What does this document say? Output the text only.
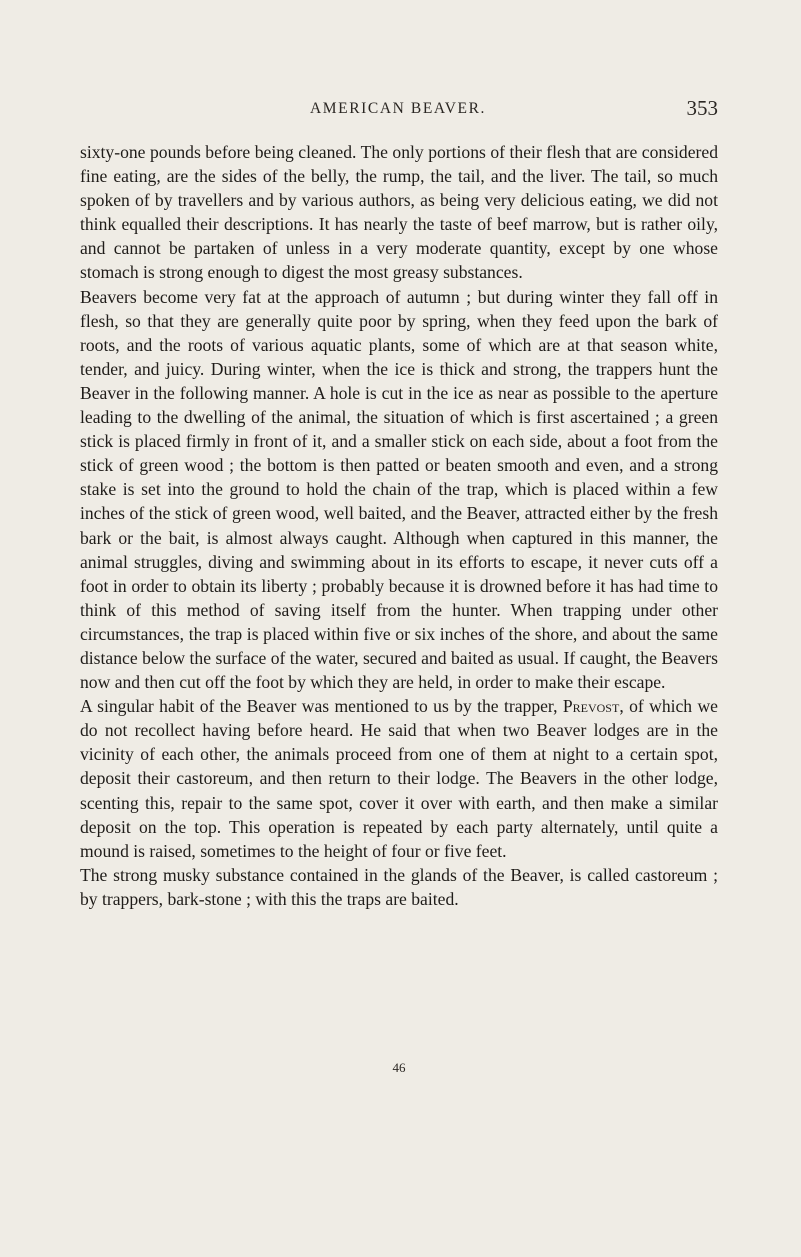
AMERICAN BEAVER.	353

sixty-one pounds before being cleaned. The only portions of their flesh that are considered fine eating, are the sides of the belly, the rump, the tail, and the liver. The tail, so much spoken of by travellers and by various authors, as being very delicious eating, we did not think equalled their descriptions. It has nearly the taste of beef marrow, but is rather oily, and cannot be partaken of unless in a very moderate quantity, except by one whose stomach is strong enough to digest the most greasy substances.

Beavers become very fat at the approach of autumn ; but during winter they fall off in flesh, so that they are generally quite poor by spring, when they feed upon the bark of roots, and the roots of various aquatic plants, some of which are at that season white, tender, and juicy. During winter, when the ice is thick and strong, the trappers hunt the Beaver in the following manner. A hole is cut in the ice as near as possible to the aperture leading to the dwelling of the animal, the situation of which is first ascertained ; a green stick is placed firmly in front of it, and a smaller stick on each side, about a foot from the stick of green wood ; the bottom is then patted or beaten smooth and even, and a strong stake is set into the ground to hold the chain of the trap, which is placed within a few inches of the stick of green wood, well baited, and the Beaver, attracted either by the fresh bark or the bait, is almost always caught. Although when captured in this manner, the animal struggles, diving and swimming about in its efforts to escape, it never cuts off a foot in order to obtain its liberty ; probably because it is drowned before it has had time to think of this method of saving itself from the hunter. When trapping under other circumstances, the trap is placed within five or six inches of the shore, and about the same distance below the surface of the water, secured and baited as usual. If caught, the Beavers now and then cut off the foot by which they are held, in order to make their escape.

A singular habit of the Beaver was mentioned to us by the trapper, Prevost, of which we do not recollect having before heard. He said that when two Beaver lodges are in the vicinity of each other, the animals proceed from one of them at night to a certain spot, deposit their castoreum, and then return to their lodge. The Beavers in the other lodge, scenting this, repair to the same spot, cover it over with earth, and then make a similar deposit on the top. This operation is repeated by each party alternately, until quite a mound is raised, sometimes to the height of four or five feet.

The strong musky substance contained in the glands of the Beaver, is called castoreum ; by trappers, bark-stone ; with this the traps are baited.

46
